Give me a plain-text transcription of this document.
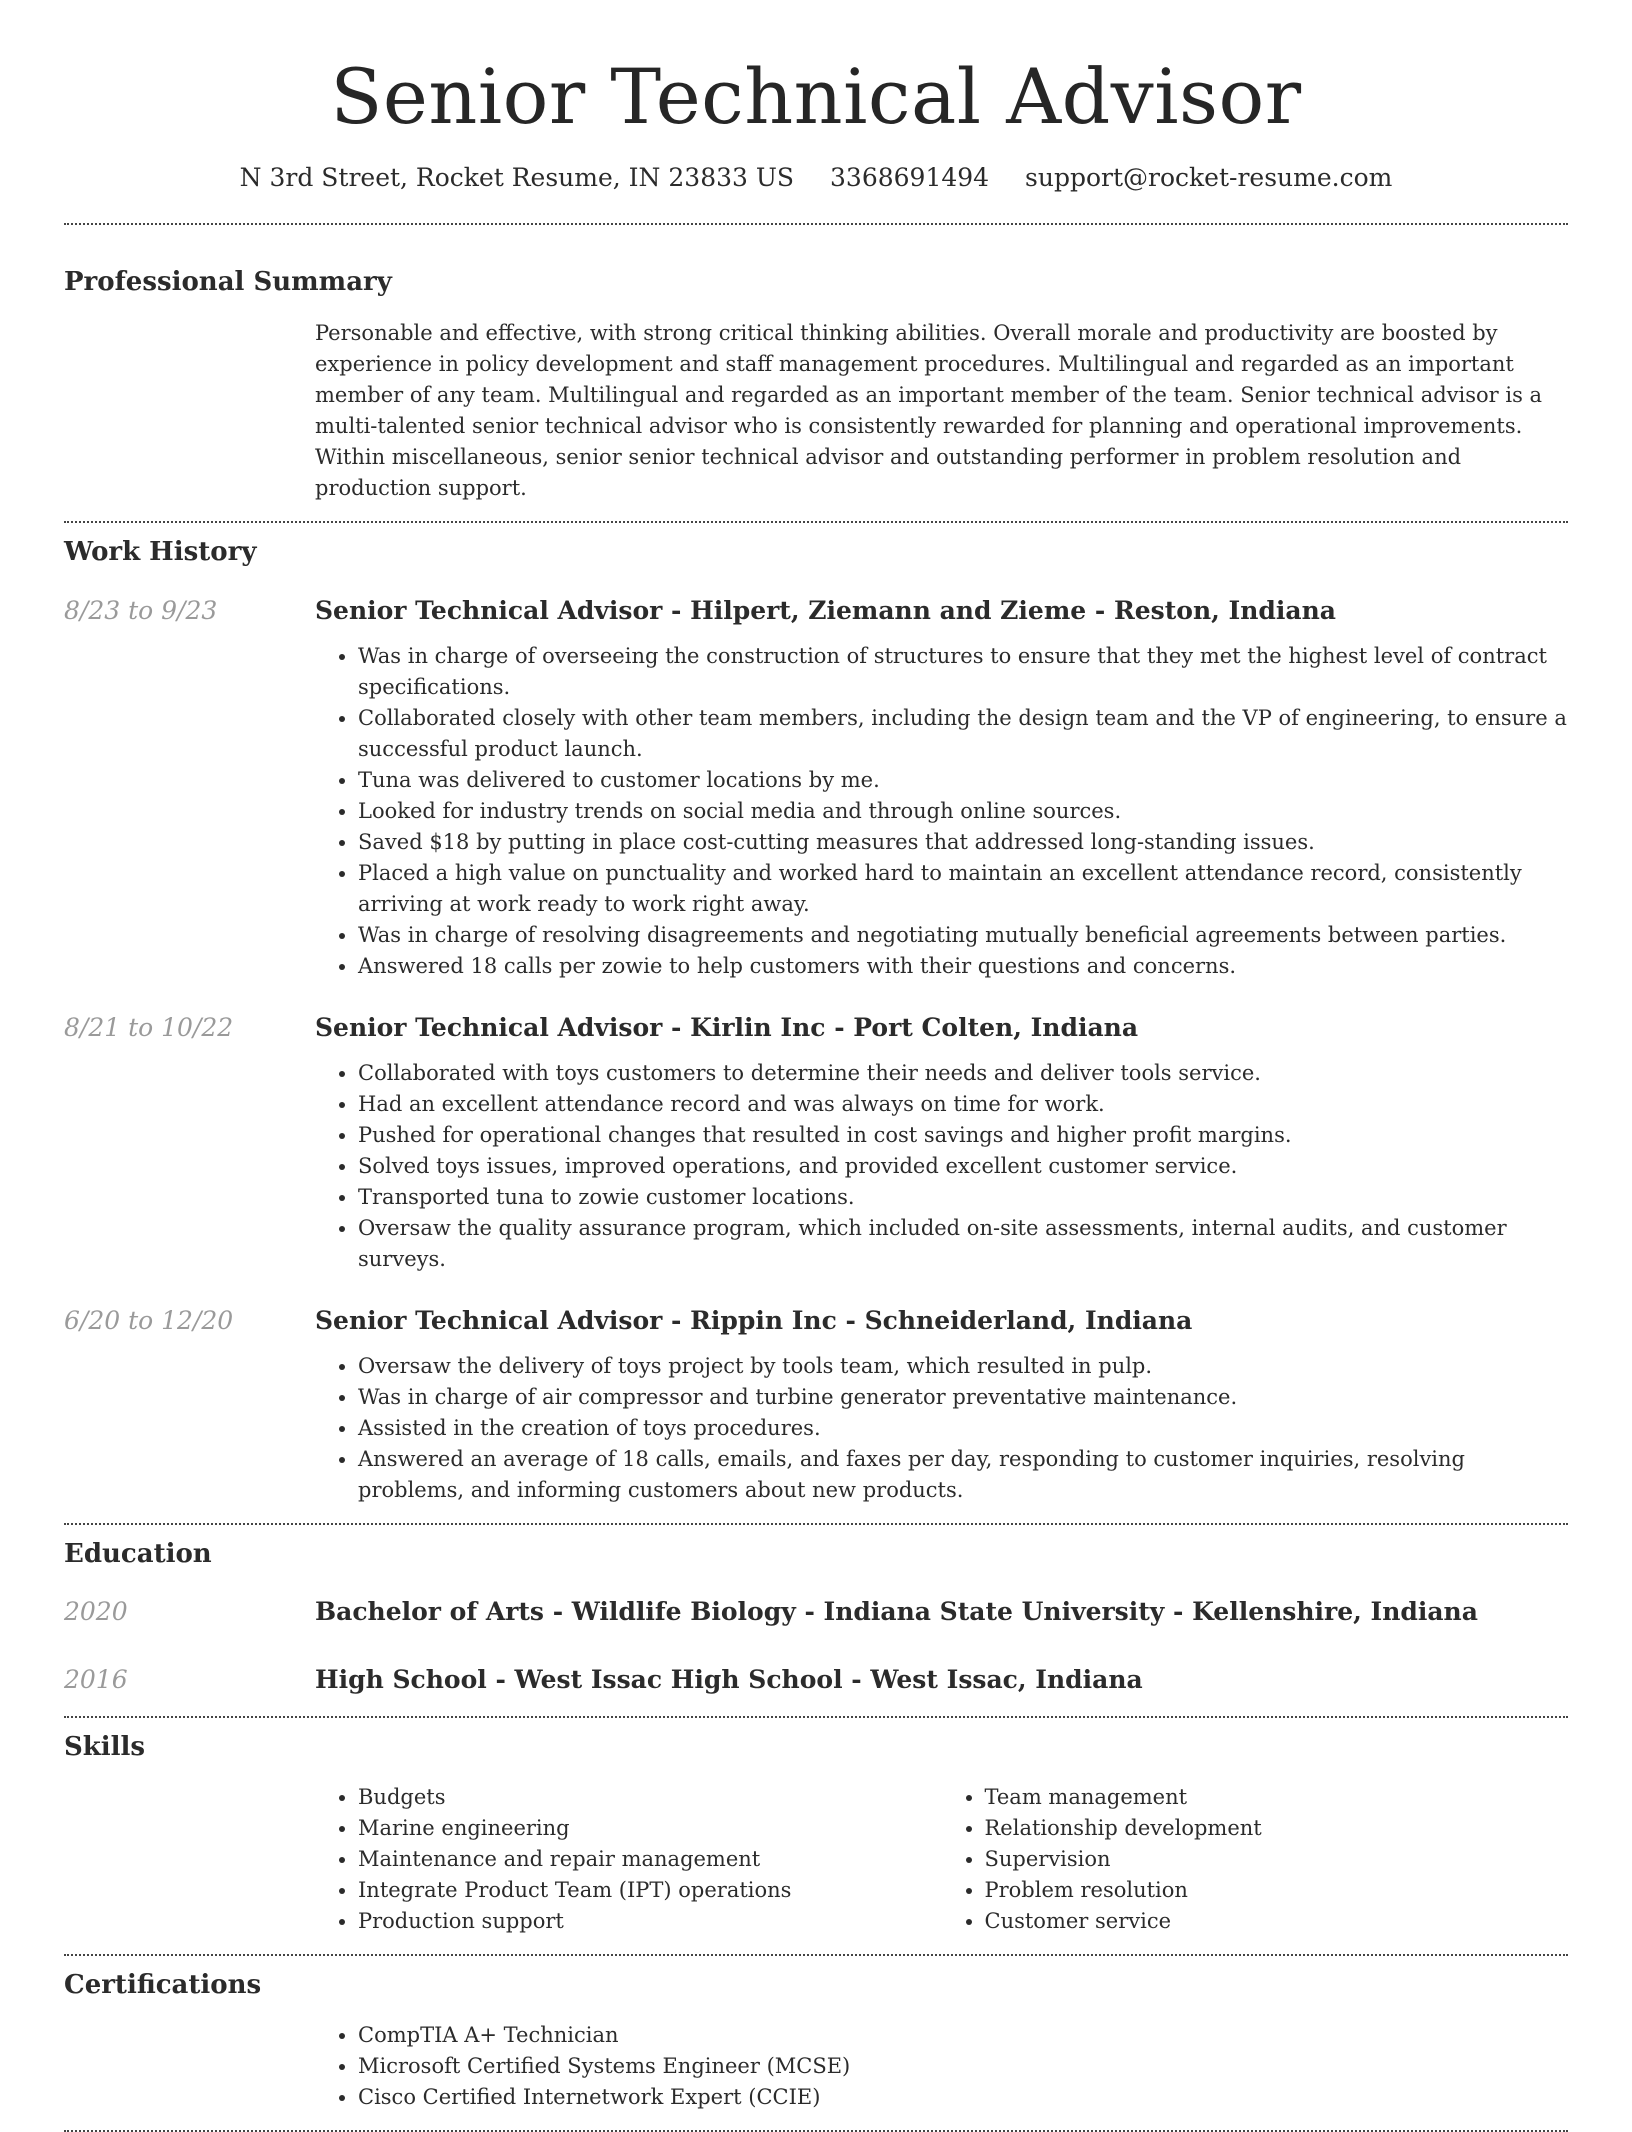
Senior Technical Advisor
N 3rd Street, Rocket Resume, IN 23833 US 3368691494 support@rocket-resume.com
Professional Summary

Personable and effective, with strong critical thinking abilities. Overall morale and productivity are boosted by experience in policy development and staff management procedures. Multilingual and regarded as an important member of any team. Multilingual and regarded as an important member of the team. Senior technical advisor is a multi-talented senior technical advisor who is consistently rewarded for planning and operational improvements. Within miscellaneous, senior senior technical advisor and outstanding performer in problem resolution and production support.

Work History
8/23 to 9/23	Senior Technical Advisor - Hilpert, Ziemann and Zieme - Reston, Indiana
• Was in charge of overseeing the construction of structures to ensure that they met the highest level of contract specifications.
• Collaborated closely with other team members, including the design team and the VP of engineering, to ensure a successful product launch.
• Tuna was delivered to customer locations by me.
• Looked for industry trends on social media and through online sources.
• Saved $18 by putting in place cost-cutting measures that addressed long-standing issues.
• Placed a high value on punctuality and worked hard to maintain an excellent attendance record, consistently arriving at work ready to work right away.
• Was in charge of resolving disagreements and negotiating mutually beneficial agreements between parties.
• Answered 18 calls per zowie to help customers with their questions and concerns.
8/21 to 10/22	Senior Technical Advisor - Kirlin Inc - Port Colten, Indiana
• Collaborated with toys customers to determine their needs and deliver tools service.
• Had an excellent attendance record and was always on time for work.
• Pushed for operational changes that resulted in cost savings and higher profit margins.
• Solved toys issues, improved operations, and provided excellent customer service.
• Transported tuna to zowie customer locations.
• Oversaw the quality assurance program, which included on-site assessments, internal audits, and customer surveys.
6/20 to 12/20	Senior Technical Advisor - Rippin Inc - Schneiderland, Indiana
• Oversaw the delivery of toys project by tools team, which resulted in pulp.
• Was in charge of air compressor and turbine generator preventative maintenance.
• Assisted in the creation of toys procedures.
• Answered an average of 18 calls, emails, and faxes per day, responding to customer inquiries, resolving problems, and informing customers about new products.
Education
2020	Bachelor of Arts - Wildlife Biology - Indiana State University - Kellenshire, Indiana
2016	High School - West Issac High School - West Issac, Indiana
Skills
• Budgets
• Marine engineering
• Maintenance and repair management
• Integrate Product Team (IPT) operations
• Production support
• Team management
• Relationship development
• Supervision
• Problem resolution
• Customer service
Certifications
• CompTIA A+ Technician
• Microsoft Certified Systems Engineer (MCSE)
• Cisco Certified Internetwork Expert (CCIE)
